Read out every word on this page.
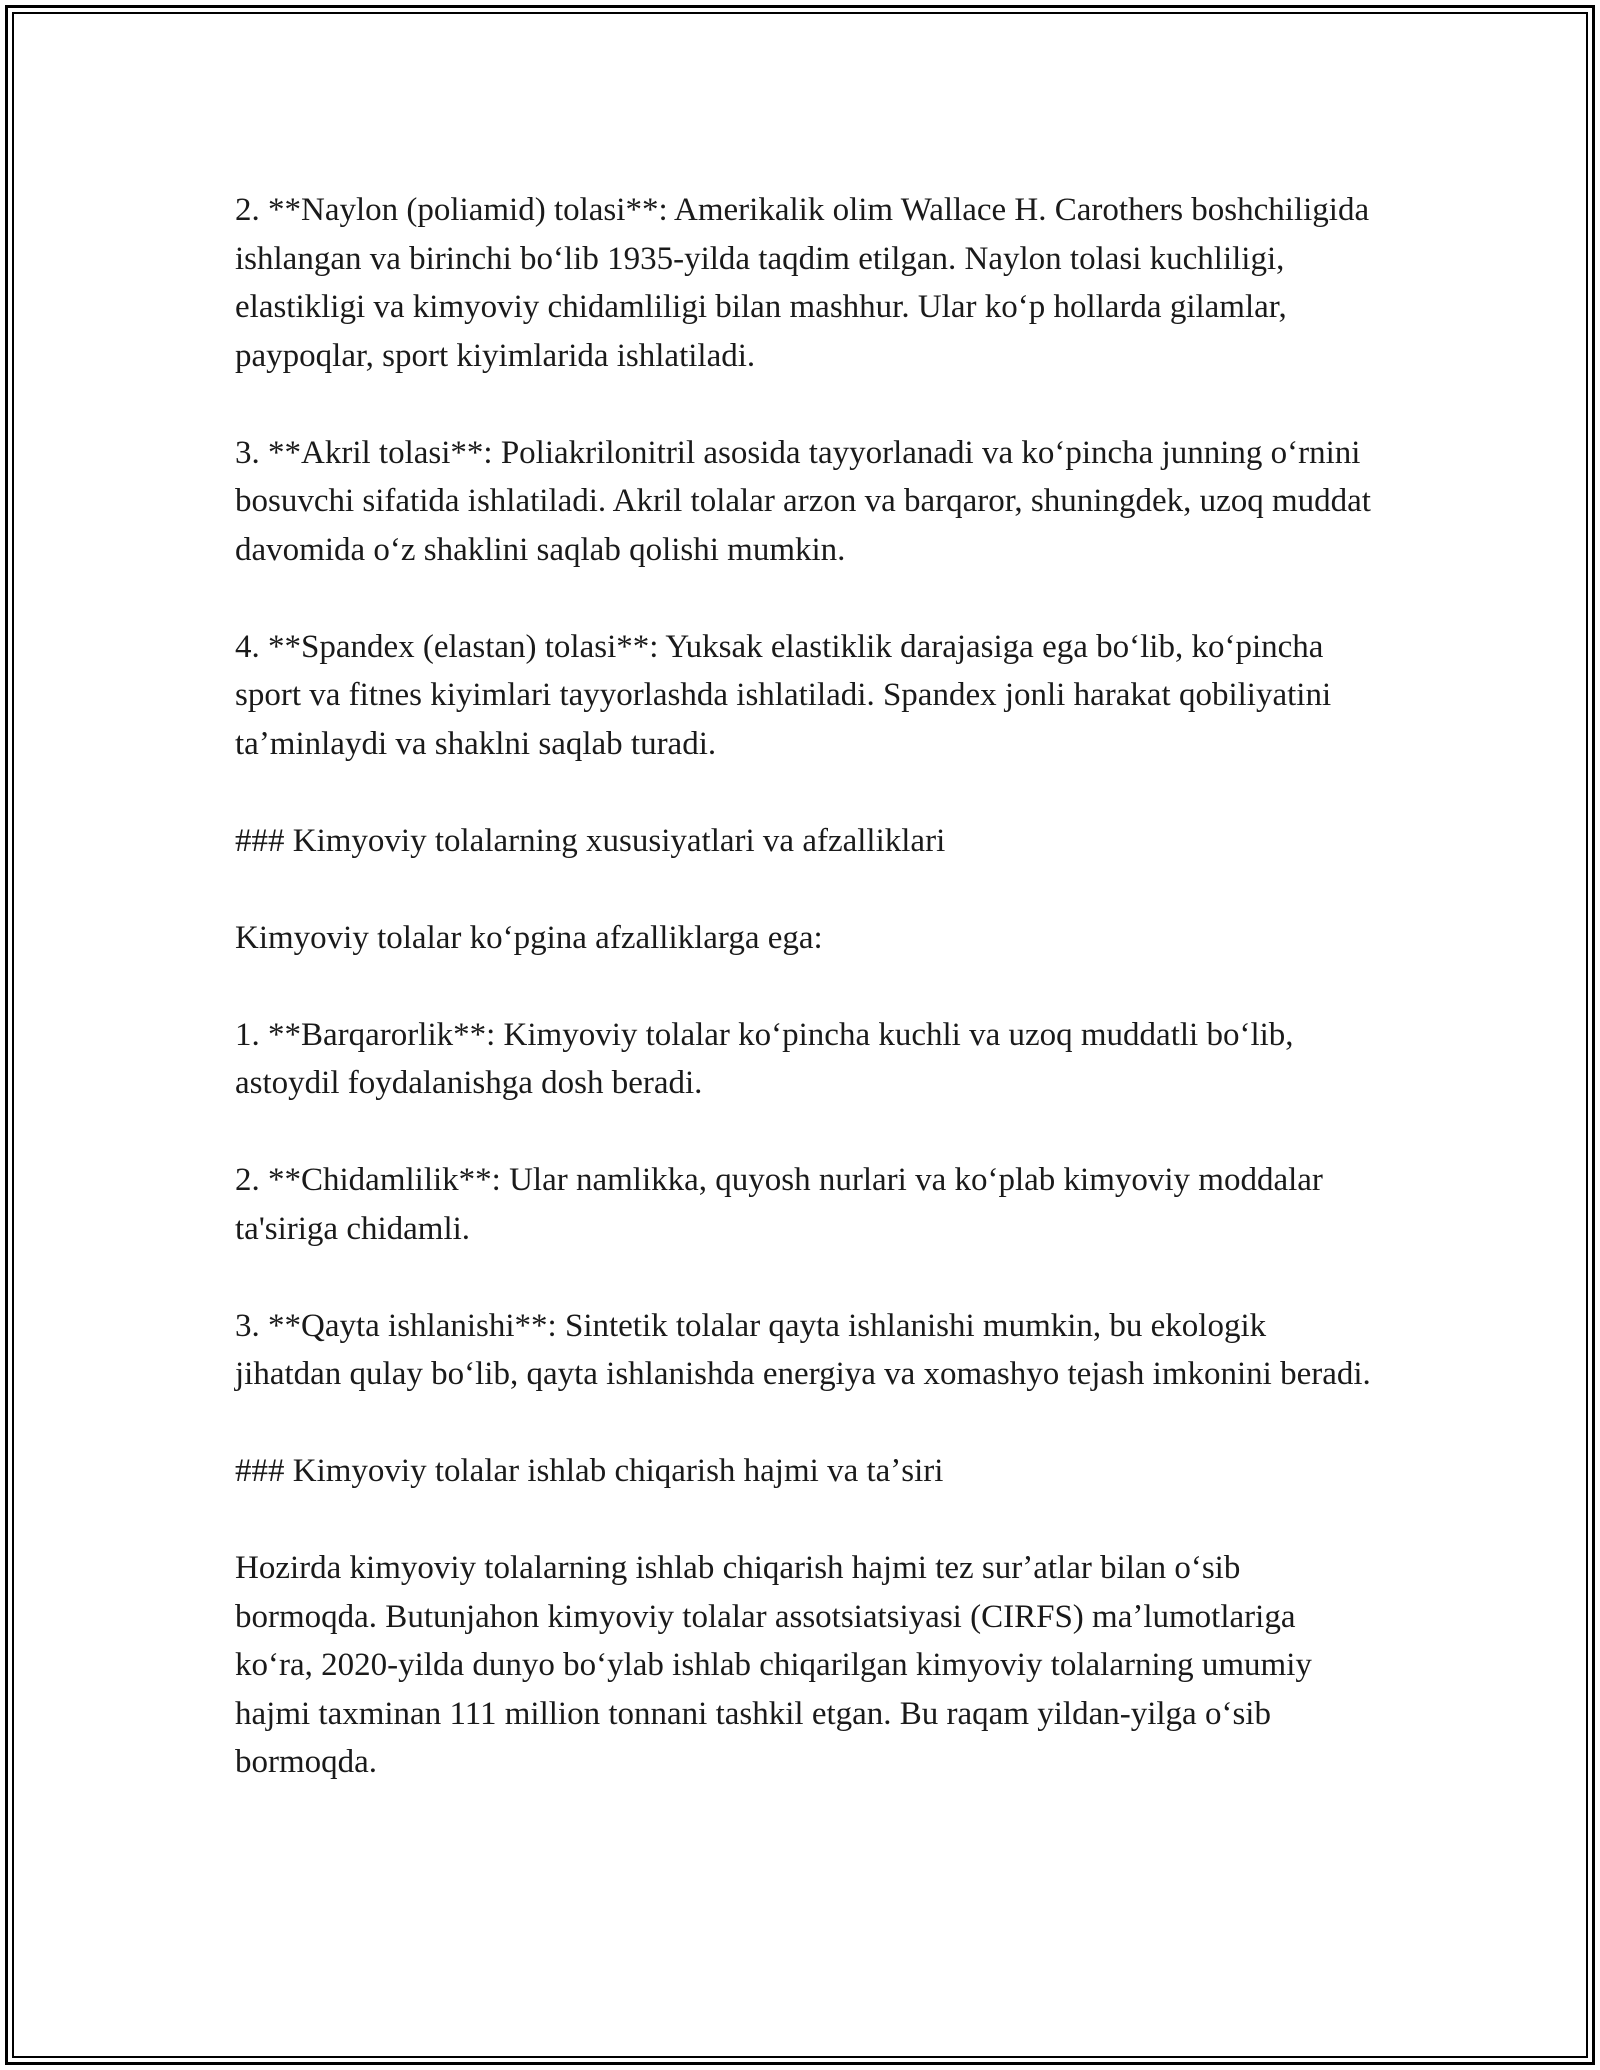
2. **Naylon (poliamid) tolasi**: Amerikalik olim Wallace H. Carothers boshchiligida ishlangan va birinchi boʻlib 1935-yilda taqdim etilgan. Naylon tolasi kuchliligi, elastikligi va kimyoviy chidamliligi bilan mashhur. Ular koʻp hollarda gilamlar, paypoqlar, sport kiyimlarida ishlatiladi.

3. **Akril tolasi**: Poliakrilonitril asosida tayyorlanadi va koʻpincha junning oʻrnini bosuvchi sifatida ishlatiladi. Akril tolalar arzon va barqaror, shuningdek, uzoq muddat davomida oʻz shaklini saqlab qolishi mumkin.

4. **Spandex (elastan) tolasi**: Yuksak elastiklik darajasiga ega boʻlib, koʻpincha sport va fitnes kiyimlari tayyorlashda ishlatiladi. Spandex jonli harakat qobiliyatini taʼminlaydi va shaklni saqlab turadi.

### Kimyoviy tolalarning xususiyatlari va afzalliklari

Kimyoviy tolalar koʻpgina afzalliklarga ega:

1. **Barqarorlik**: Kimyoviy tolalar koʻpincha kuchli va uzoq muddatli boʻlib, astoydil foydalanishga dosh beradi.

2. **Chidamlilik**: Ular namlikka, quyosh nurlari va koʻplab kimyoviy moddalar ta'siriga chidamli.

3. **Qayta ishlanishi**: Sintetik tolalar qayta ishlanishi mumkin, bu ekologik jihatdan qulay boʻlib, qayta ishlanishda energiya va xomashyo tejash imkonini beradi.

### Kimyoviy tolalar ishlab chiqarish hajmi va taʼsiri

Hozirda kimyoviy tolalarning ishlab chiqarish hajmi tez surʼatlar bilan oʻsib bormoqda. Butunjahon kimyoviy tolalar assotsiatsiyasi (CIRFS) maʼlumotlariga koʻra, 2020-yilda dunyo boʻylab ishlab chiqarilgan kimyoviy tolalarning umumiy hajmi taxminan 111 million tonnani tashkil etgan. Bu raqam yildan-yilga oʻsib bormoqda.
